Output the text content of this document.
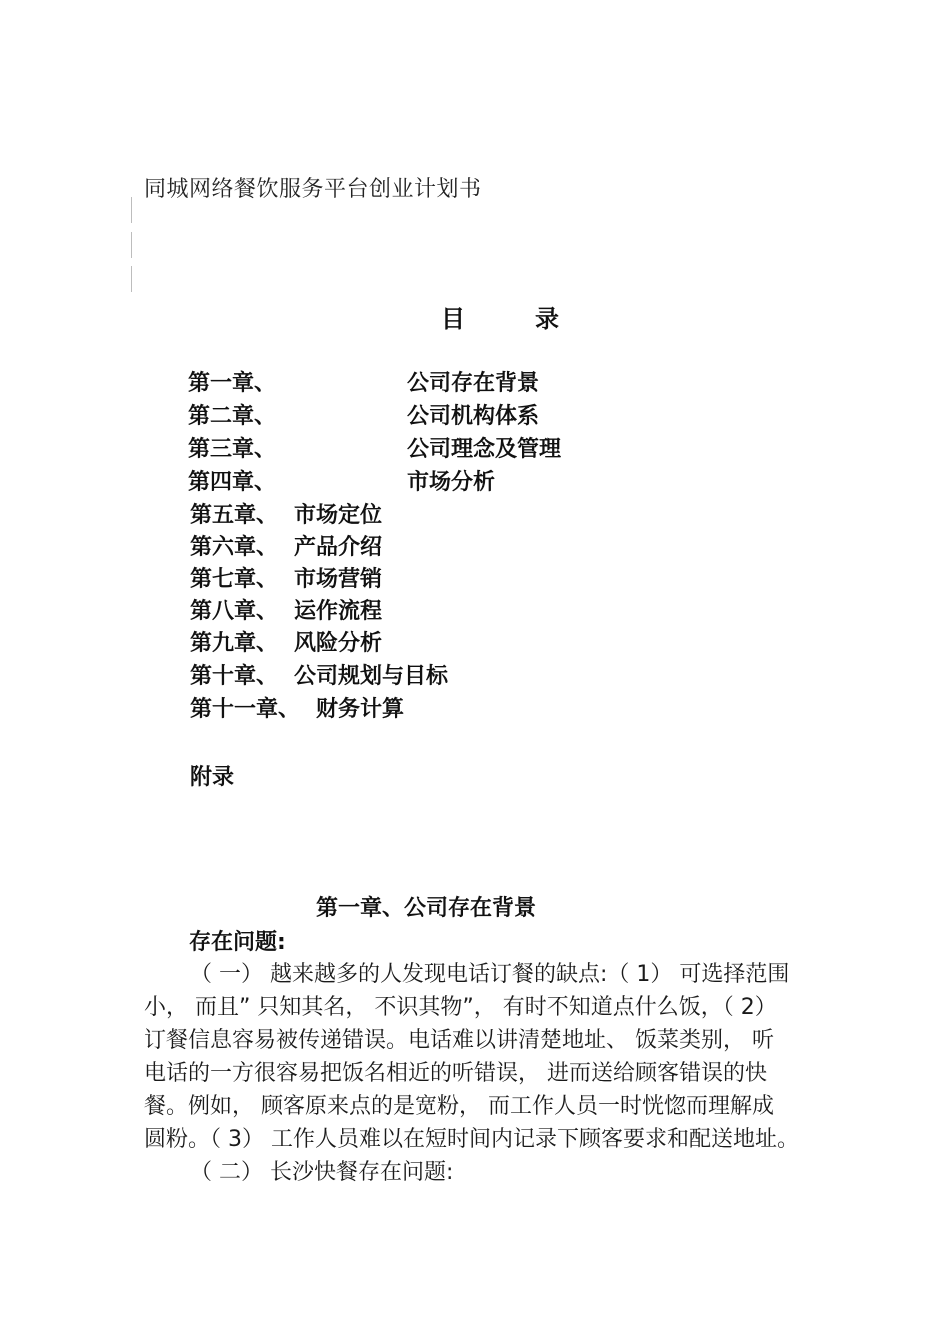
同城网络餐饮服务平台创业计划书
目	录
第一章、	公司存在背景
第二章、	公司机构体系
第三章、	公司理念及管理
第四章、	市场分析
第五章、 市场定位
第六章、 产品介绍
第七章、 市场营销
第八章、 运作流程
第九章、 风险分析
第十章、 公司规划与目标
第十一章、 财务计算
附录
第一章、公司存在背景
存在问题:
（ 一） 越来越多的人发现电话订餐的缺点:（ 1） 可选择范围
小， 而且” 只知其名， 不识其物”， 有时不知道点什么饭，（ 2）
订餐信息容易被传递错误。电话难以讲清楚地址、 饭菜类别， 听
电话的一方很容易把饭名相近的听错误， 进而送给顾客错误的快
餐。例如， 顾客原来点的是宽粉， 而工作人员一时恍惚而理解成
圆粉。（ 3） 工作人员难以在短时间内记录下顾客要求和配送地址。
（ 二） 长沙快餐存在问题:
